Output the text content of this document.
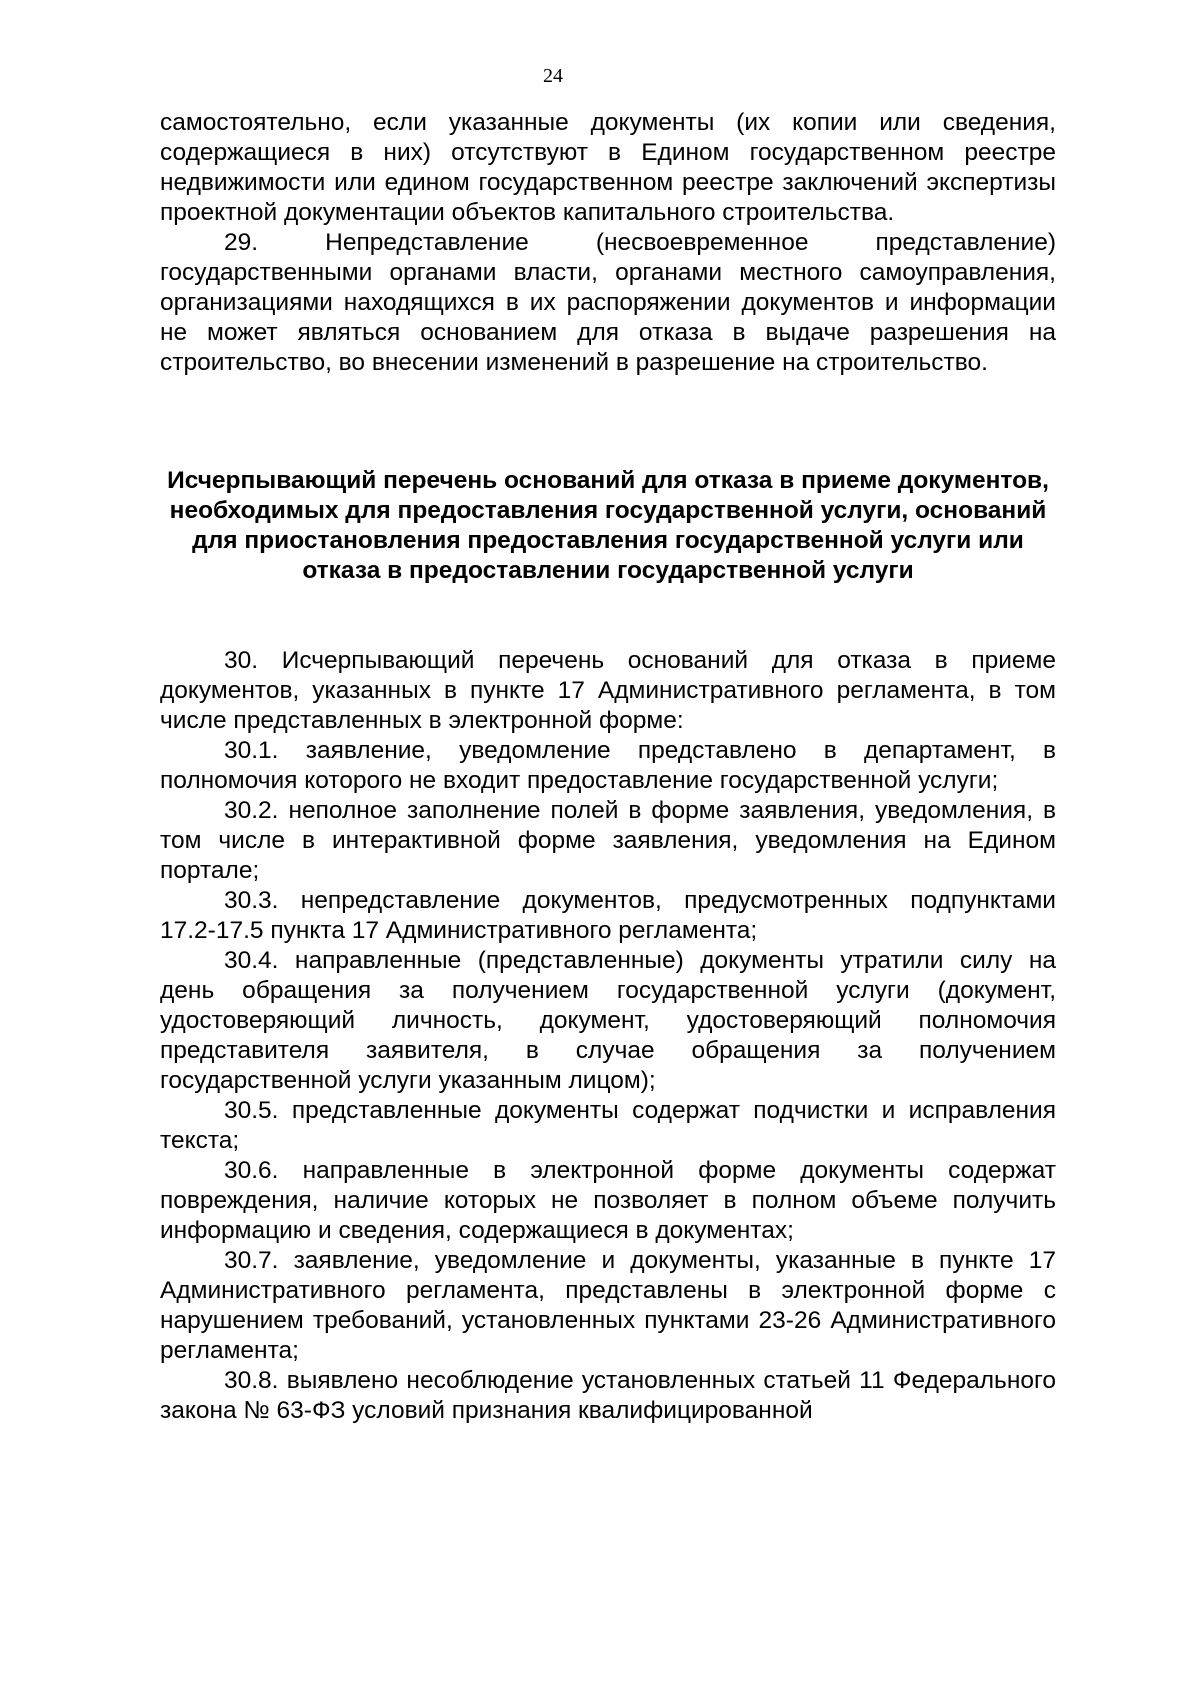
24

самостоятельно, если указанные документы (их копии или сведения, содержащиеся в них) отсутствуют в Едином государственном реестре недвижимости или едином государственном реестре заключений экспертизы проектной документации объектов капитального строительства.

29. Непредставление (несвоевременное представление) государственными органами власти, органами местного самоуправления, организациями находящихся в их распоряжении документов и информации не может являться основанием для отказа в выдаче разрешения на строительство, во внесении изменений в разрешение на строительство.

Исчерпывающий перечень оснований для отказа в приеме документов, необходимых для предоставления государственной услуги, оснований для приостановления предоставления государственной услуги или отказа в предоставлении государственной услуги

30. Исчерпывающий перечень оснований для отказа в приеме документов, указанных в пункте 17 Административного регламента, в том числе представленных в электронной форме:

30.1. заявление, уведомление представлено в департамент, в полномочия которого не входит предоставление государственной услуги;

30.2. неполное заполнение полей в форме заявления, уведомления, в том числе в интерактивной форме заявления, уведомления на Едином портале;

30.3. непредставление документов, предусмотренных подпунктами 17.2-17.5 пункта 17 Административного регламента;

30.4. направленные (представленные) документы утратили силу на день обращения за получением государственной услуги (документ, удостоверяющий личность, документ, удостоверяющий полномочия представителя заявителя, в случае обращения за получением государственной услуги указанным лицом);

30.5. представленные документы содержат подчистки и исправления текста;

30.6. направленные в электронной форме документы содержат повреждения, наличие которых не позволяет в полном объеме получить информацию и сведения, содержащиеся в документах;

30.7. заявление, уведомление и документы, указанные в пункте 17 Административного регламента, представлены в электронной форме с нарушением требований, установленных пунктами 23-26 Административного регламента;

30.8. выявлено несоблюдение установленных статьей 11 Федерального закона № 63-ФЗ условий признания квалифицированной
